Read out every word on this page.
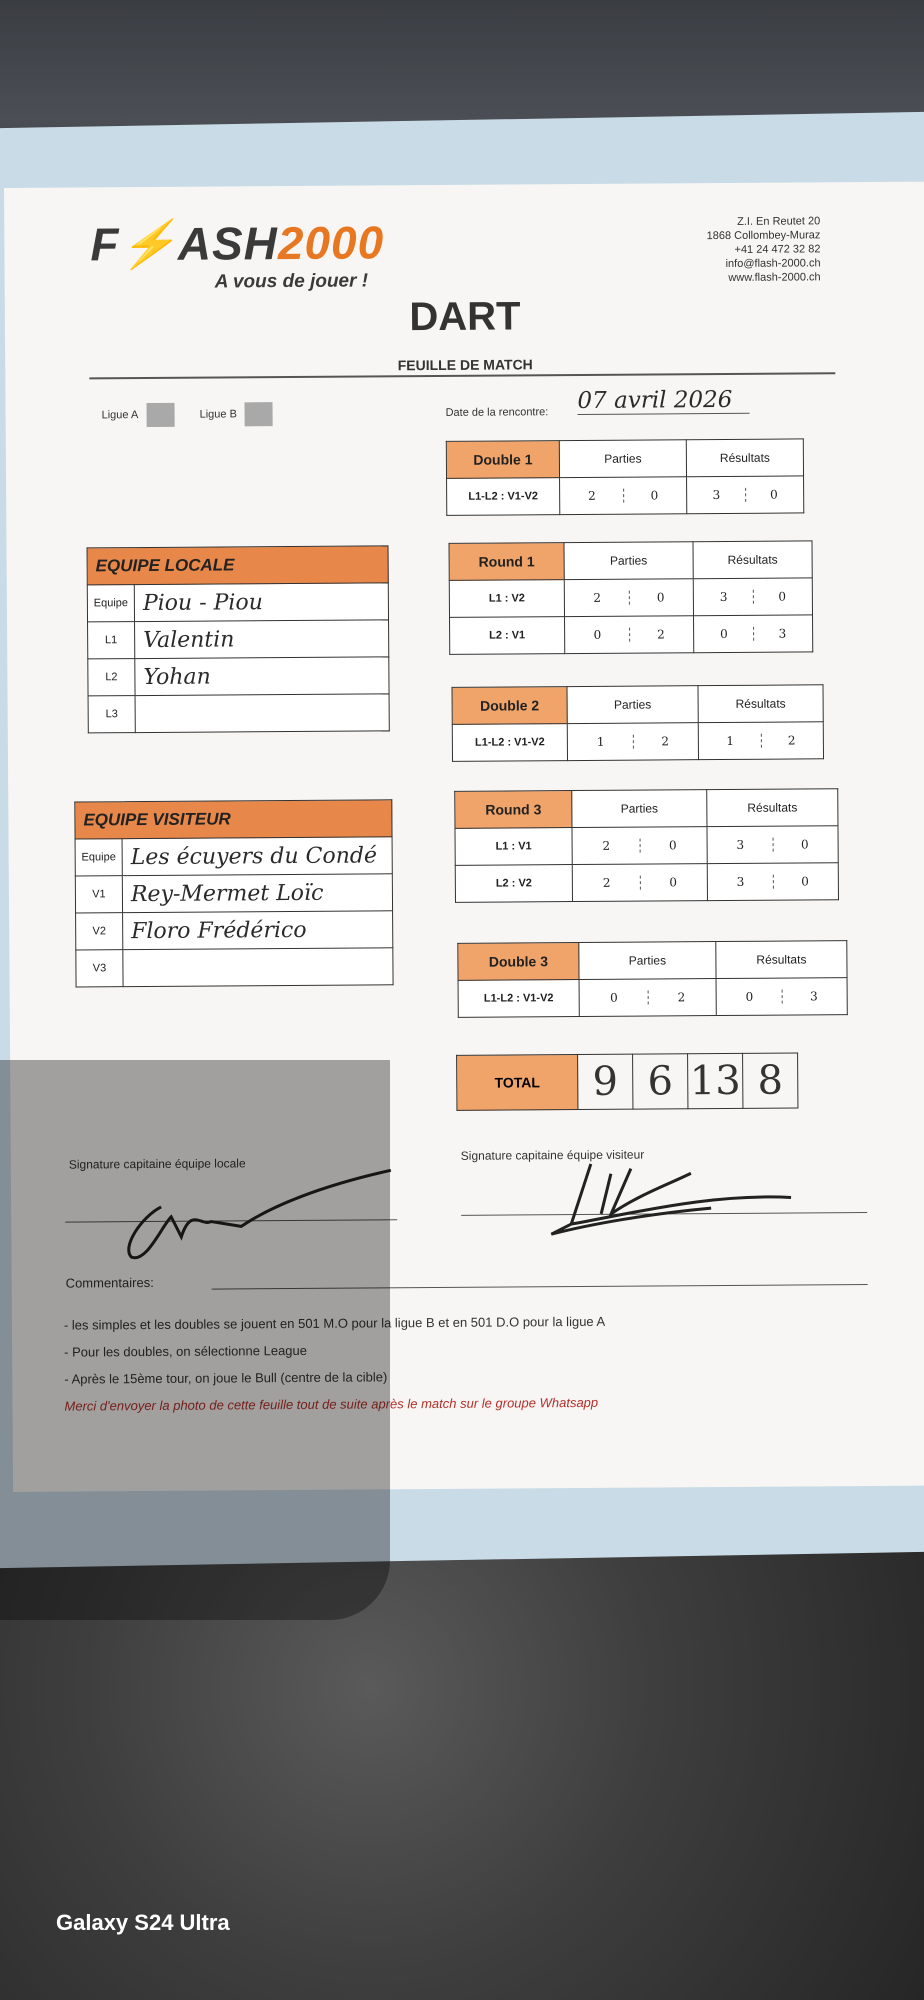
F⚡ASH2000
A vous de jouer !
Z.I. En Reutet 20
1868 Collombey-Muraz
+41 24 472 32 82
info@flash-2000.ch
www.flash-2000.ch
DART
FEUILLE DE MATCH
Ligue A	Ligue B	Date de la rencontre: 07 avril 2026
Double 1	Parties	Résultats
L1-L2 : V1-V2	2 0	3 0
Round 1	Parties	Résultats
L1 : V2	2 0	3 0

L2 : V1	0 2	0 3
Double 2	Parties	Résultats
L1-L2 : V1-V2	1 2	1 2
Round 3	Parties	Résultats
L1 : V1	2 0	3 0

L2 : V2	2 0	3 0
Double 3	Parties	Résultats
L1-L2 : V1-V2	0 2	0 3
TOTAL	9	6	13	8
EQUIPE LOCALE	
Equipe	Piou - Piou
L1	Valentin
L2	Yohan
L3	
EQUIPE VISITEUR	
Equipe	Les écuyers du Condé
V1	Rey-Mermet Loïc
V2	Floro Frédérico
V3	
Signature capitaine équipe locale
Signature capitaine équipe visiteur
Commentaires:
- les simples et les doubles se jouent en 501 M.O pour la ligue B et en 501 D.O pour la ligue A
- Pour les doubles, on sélectionne League
- Après le 15ème tour, on joue le Bull (centre de la cible)
Merci d'envoyer la photo de cette feuille tout de suite après le match sur le groupe Whatsapp
Galaxy S24 Ultra
